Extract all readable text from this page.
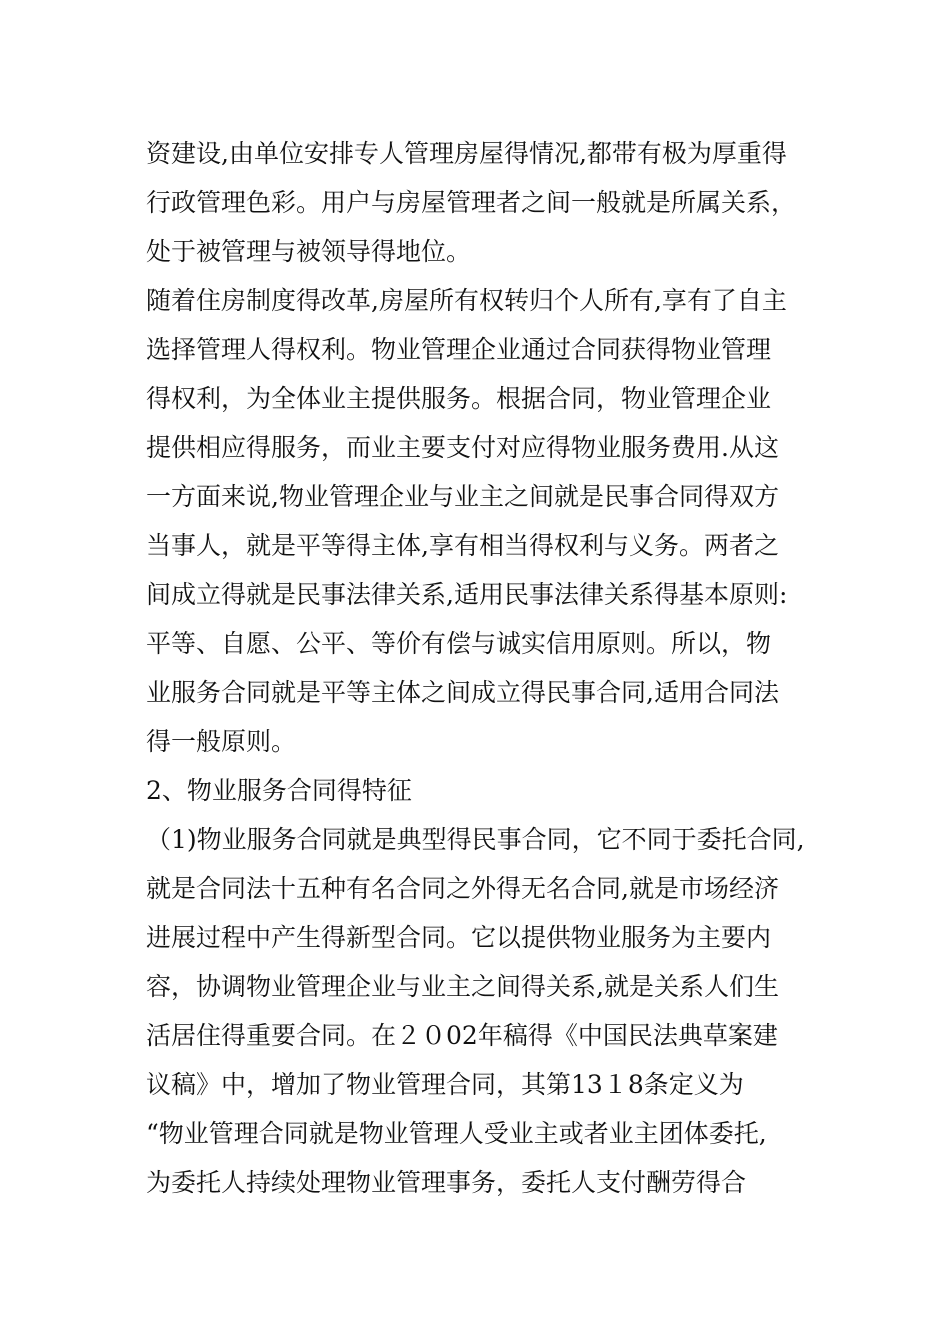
资建设,由单位安排专人管理房屋得情况,都带有极为厚重得
行政管理色彩。用户与房屋管理者之间一般就是所属关系，
处于被管理与被领导得地位。
随着住房制度得改革,房屋所有权转归个人所有,享有了自主
选择管理人得权利。物业管理企业通过合同获得物业管理
得权利，为全体业主提供服务。根据合同，物业管理企业
提供相应得服务，而业主要支付对应得物业服务费用.从这
一方面来说,物业管理企业与业主之间就是民事合同得双方
当事人，就是平等得主体,享有相当得权利与义务。两者之
间成立得就是民事法律关系,适用民事法律关系得基本原则:
平等、自愿、公平、等价有偿与诚实信用原则。所以，物
业服务合同就是平等主体之间成立得民事合同,适用合同法
得一般原则。
2、物业服务合同得特征
（1)物业服务合同就是典型得民事合同，它不同于委托合同,
就是合同法十五种有名合同之外得无名合同,就是市场经济
进展过程中产生得新型合同。它以提供物业服务为主要内
容，协调物业管理企业与业主之间得关系,就是关系人们生
活居住得重要合同。在２０02年稿得《中国民法典草案建
议稿》中，增加了物业管理合同，其第13１8条定义为
“物业管理合同就是物业管理人受业主或者业主团体委托,
为委托人持续处理物业管理事务，委托人支付酬劳得合
